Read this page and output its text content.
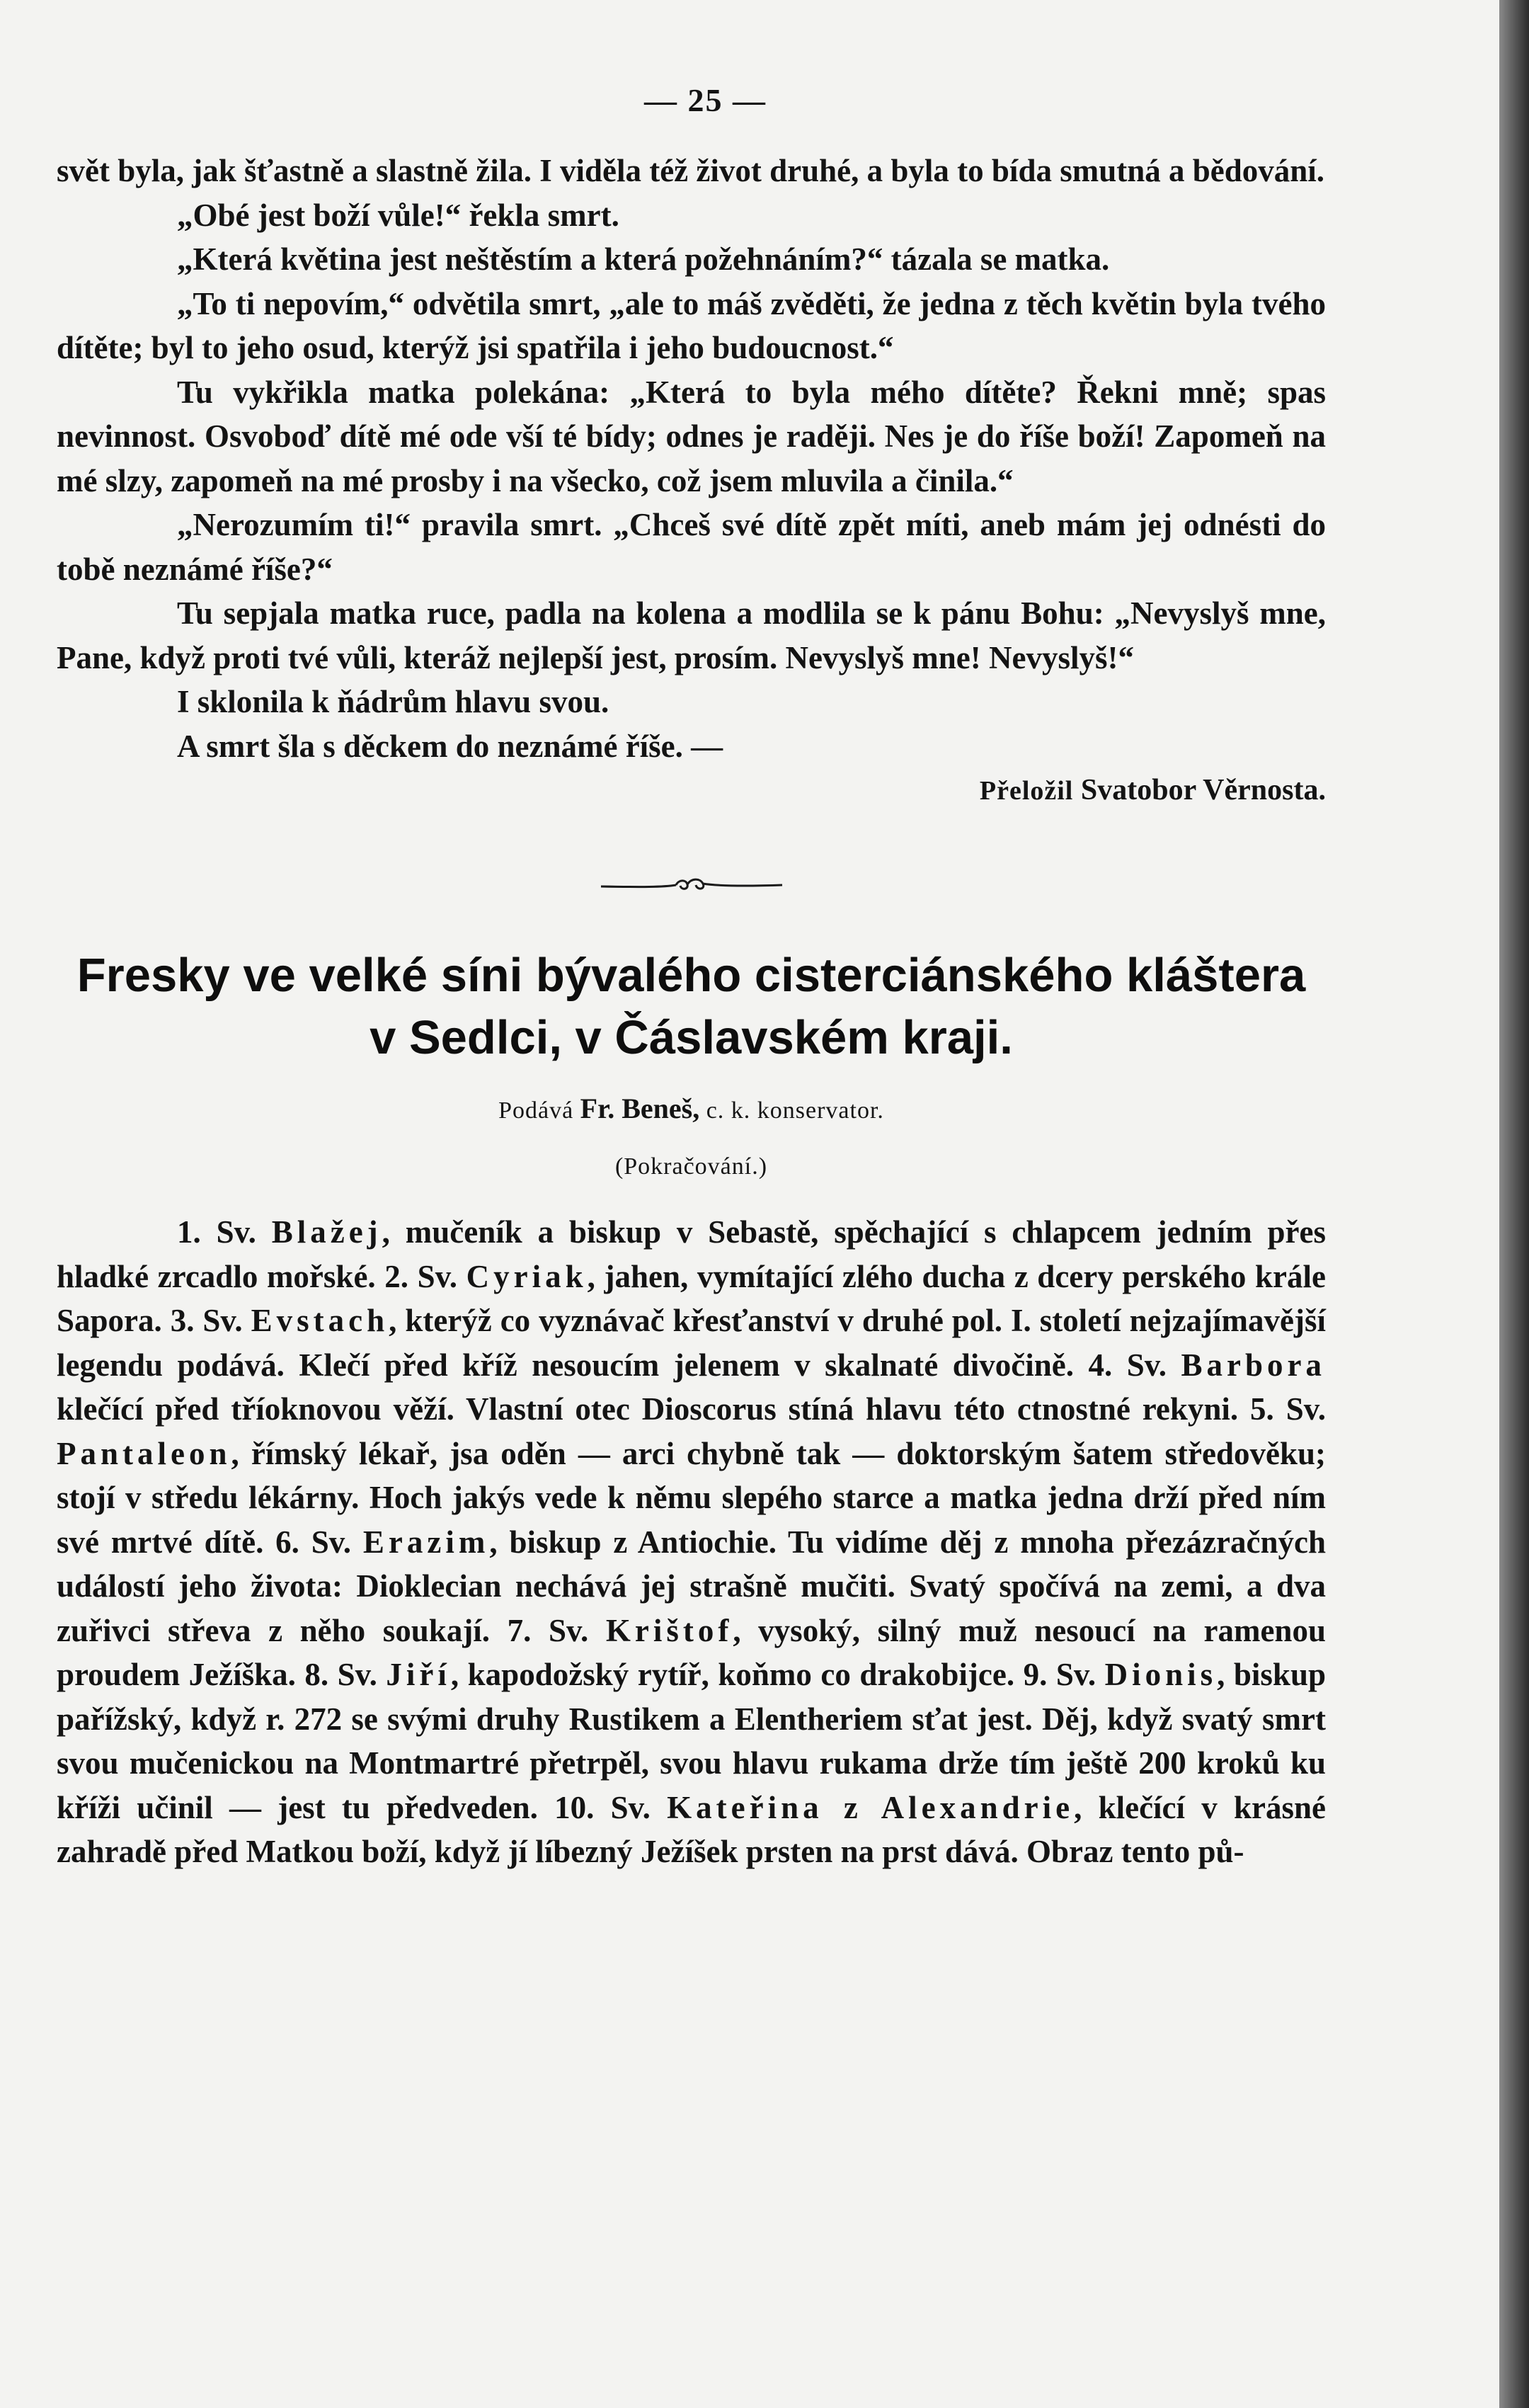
— 25 —

svět byla, jak šťastně a slastně žila. I viděla též život druhé, a byla to bída smutná a bědování.

„Obé jest boží vůle!“ řekla smrt.

„Která květina jest neštěstím a která požehnáním?“ tázala se matka.

„To ti nepovím,“ odvětila smrt, „ale to máš zvěděti, že jedna z těch květin byla tvého dítěte; byl to jeho osud, kterýž jsi spatřila i jeho budoucnost.“

Tu vykřikla matka polekána: „Která to byla mého dítěte? Řekni mně; spas nevinnost. Osvoboď dítě mé ode vší té bídy; odnes je raději. Nes je do říše boží! Zapomeň na mé slzy, zapomeň na mé prosby i na všecko, což jsem mluvila a činila.“

„Nerozumím ti!“ pravila smrt. „Chceš své dítě zpět míti, aneb mám jej odnésti do tobě neznámé říše?“

Tu sepjala matka ruce, padla na kolena a modlila se k pánu Bohu: „Nevyslyš mne, Pane, když proti tvé vůli, kteráž nejlepší jest, prosím. Nevyslyš mne! Nevyslyš!“

I sklonila k ňádrům hlavu svou.

A smrt šla s děckem do neznámé říše. —

Přeložil Svatobor Věrnosta.

Fresky ve velké síni bývalého cisterciánského kláštera
v Sedlci, v Čáslavském kraji.
Podává Fr. Beneš, c. k. konservator.
(Pokračování.)

1. Sv. Blažej, mučeník a biskup v Sebastě, spěchající s chlapcem jedním přes hladké zrcadlo mořské. 2. Sv. Cyriak, jahen, vymítající zlého ducha z dcery perského krále Sapora. 3. Sv. Evstach, kterýž co vyznávač křesťanství v druhé pol. I. století nejzajímavější legendu podává. Klečí před kříž nesoucím jelenem v skalnaté divočině. 4. Sv. Barbora klečící před tříoknovou věží. Vlastní otec Dioscorus stíná hlavu této ctnostné rekyni. 5. Sv. Pantaleon, římský lékař, jsa oděn — arci chybně tak — doktorským šatem středověku; stojí v středu lékárny. Hoch jakýs vede k němu slepého starce a matka jedna drží před ním své mrtvé dítě. 6. Sv. Erazim, biskup z Antiochie. Tu vidíme děj z mnoha přezázračných událostí jeho života: Dioklecian nechává jej strašně mučiti. Svatý spočívá na zemi, a dva zuřivci střeva z něho soukají. 7. Sv. Krištof, vysoký, silný muž nesoucí na ramenou proudem Ježíška. 8. Sv. Jiří, kapodožský rytíř, koňmo co drakobijce. 9. Sv. Dionis, biskup pařížský, když r. 272 se svými druhy Rustikem a Elentheriem sťat jest. Děj, když svatý smrt svou mučenickou na Montmartré přetrpěl, svou hlavu rukama drže tím ještě 200 kroků ku kříži učinil — jest tu předveden. 10. Sv. Kateřina z Alexandrie, klečící v krásné zahradě před Matkou boží, když jí líbezný Ježíšek prsten na prst dává. Obraz tento pů-
